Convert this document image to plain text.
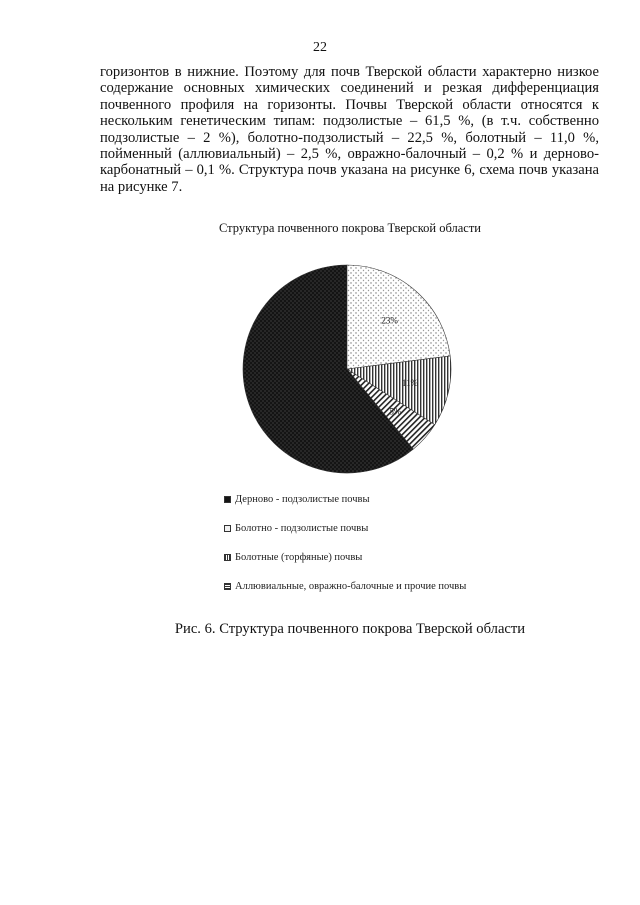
22

горизонтов в нижние. Поэтому для почв Тверской области характерно низкое содержание основных химических соединений и резкая дифференциация почвенного профиля на горизонты. Почвы Тверской области относятся к нескольким генетическим типам: подзолистые – 61,5 %, (в т.ч. собственно подзолистые – 2 %), болотно-подзолистый – 22,5 %, болотный – 11,0 %, пойменный (аллювиальный) – 2,5 %, овражно-балочный – 0,2 % и дерново-карбонатный – 0,1 %. Структура почв указана на рисунке 6, схема почв указана на рисунке 7.

Структура почвенного покрова Тверской области
23%
11%
5%
Дерново - подзолистые почвы
Болотно - подзолистые почвы
Болотные (торфяные) почвы
Аллювиальные, овражно-балочные и прочие почвы
Рис. 6. Структура почвенного покрова Тверской области
